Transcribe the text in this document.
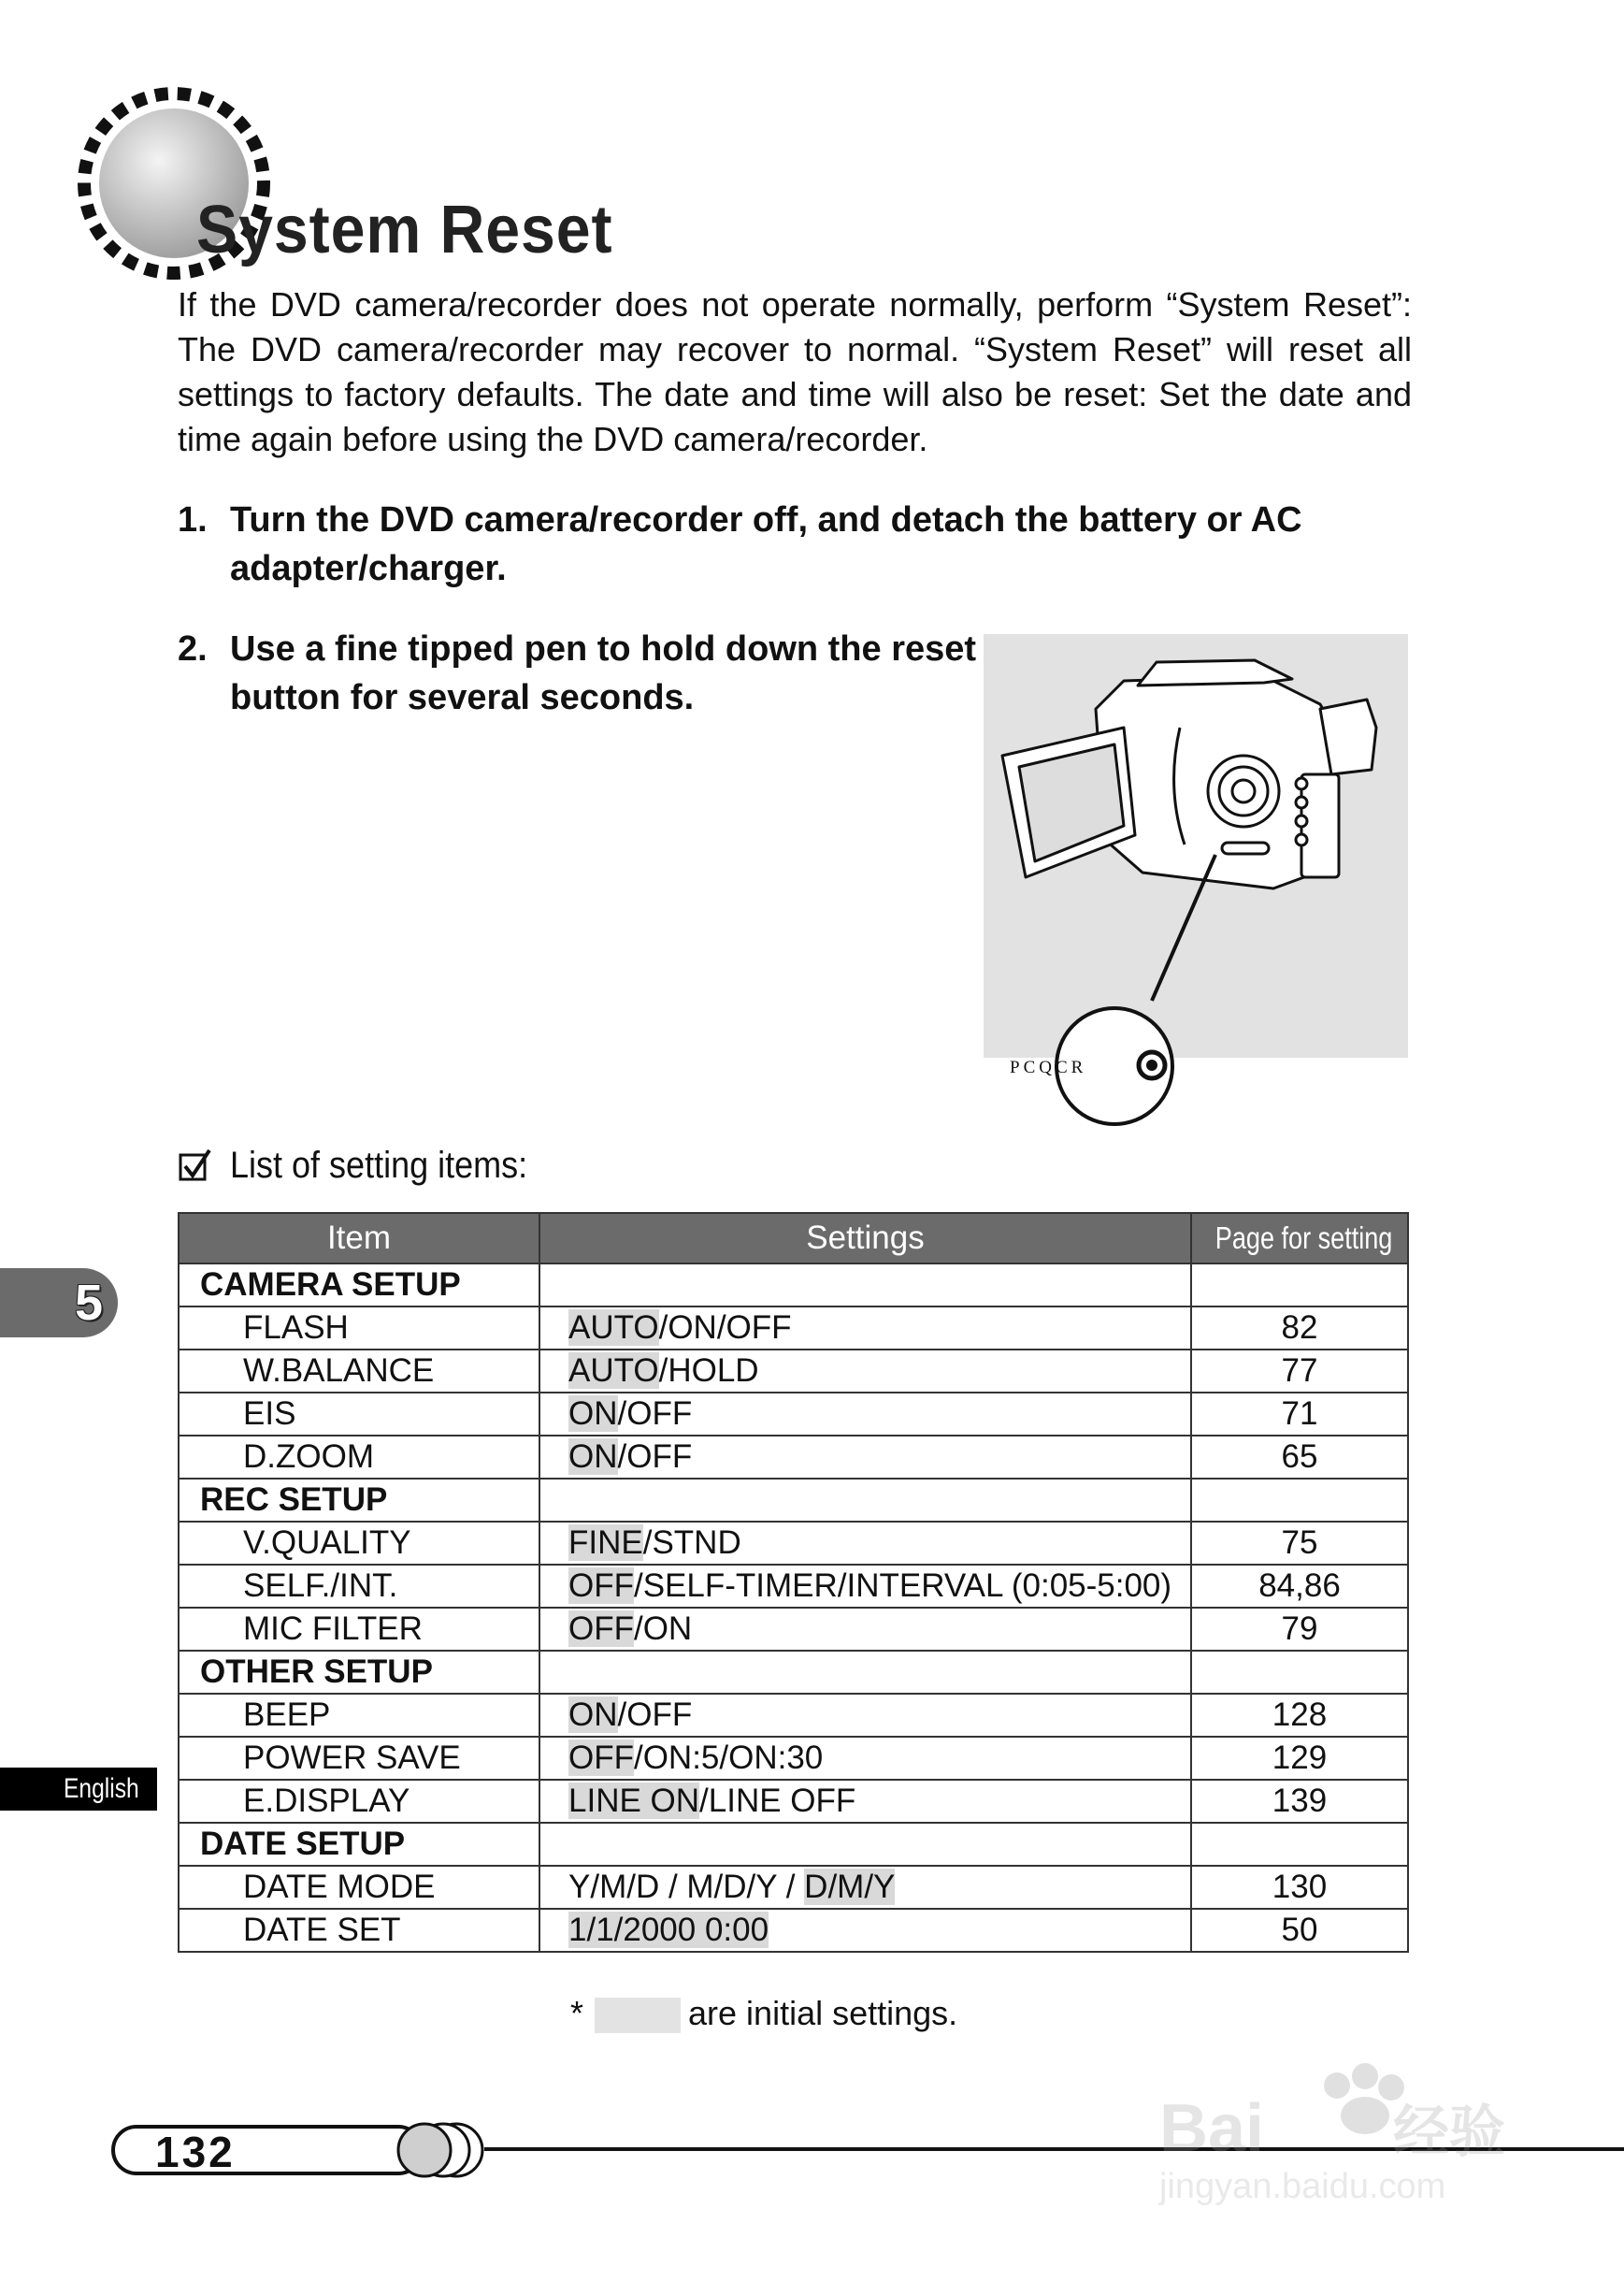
System Reset
If the DVD camera/recorder does not operate normally, perform “System Reset”: The DVD camera/recorder may recover to normal. “System Reset” will reset all settings to factory defaults. The date and time will also be reset: Set the date and time again before using the DVD camera/recorder.
1. Turn the DVD camera/recorder off, and detach the battery or AC adapter/charger.
2. Use a fine tipped pen to hold down the reset button for several seconds.
PCQCR
List of setting items:
Item	Settings	Page for setting
CAMERA SETUP		
FLASH	AUTO/ON/OFF	82
W.BALANCE	AUTO/HOLD	77
EIS	ON/OFF	71
D.ZOOM	ON/OFF	65
REC SETUP		
V.QUALITY	FINE/STND	75
SELF./INT.	OFF/SELF-TIMER/INTERVAL (0:05-5:00)	84,86
MIC FILTER	OFF/ON	79
OTHER SETUP		
BEEP	ON/OFF	128
POWER SAVE	OFF/ON:5/ON:30	129
E.DISPLAY	LINE ON/LINE OFF	139
DATE SETUP		
DATE MODE	Y/M/D / M/D/Y / D/M/Y	130
DATE SET	1/1/2000 0:00	50
*	are initial settings.
5
English
132	Bai 经验
jingyan.baidu.com
